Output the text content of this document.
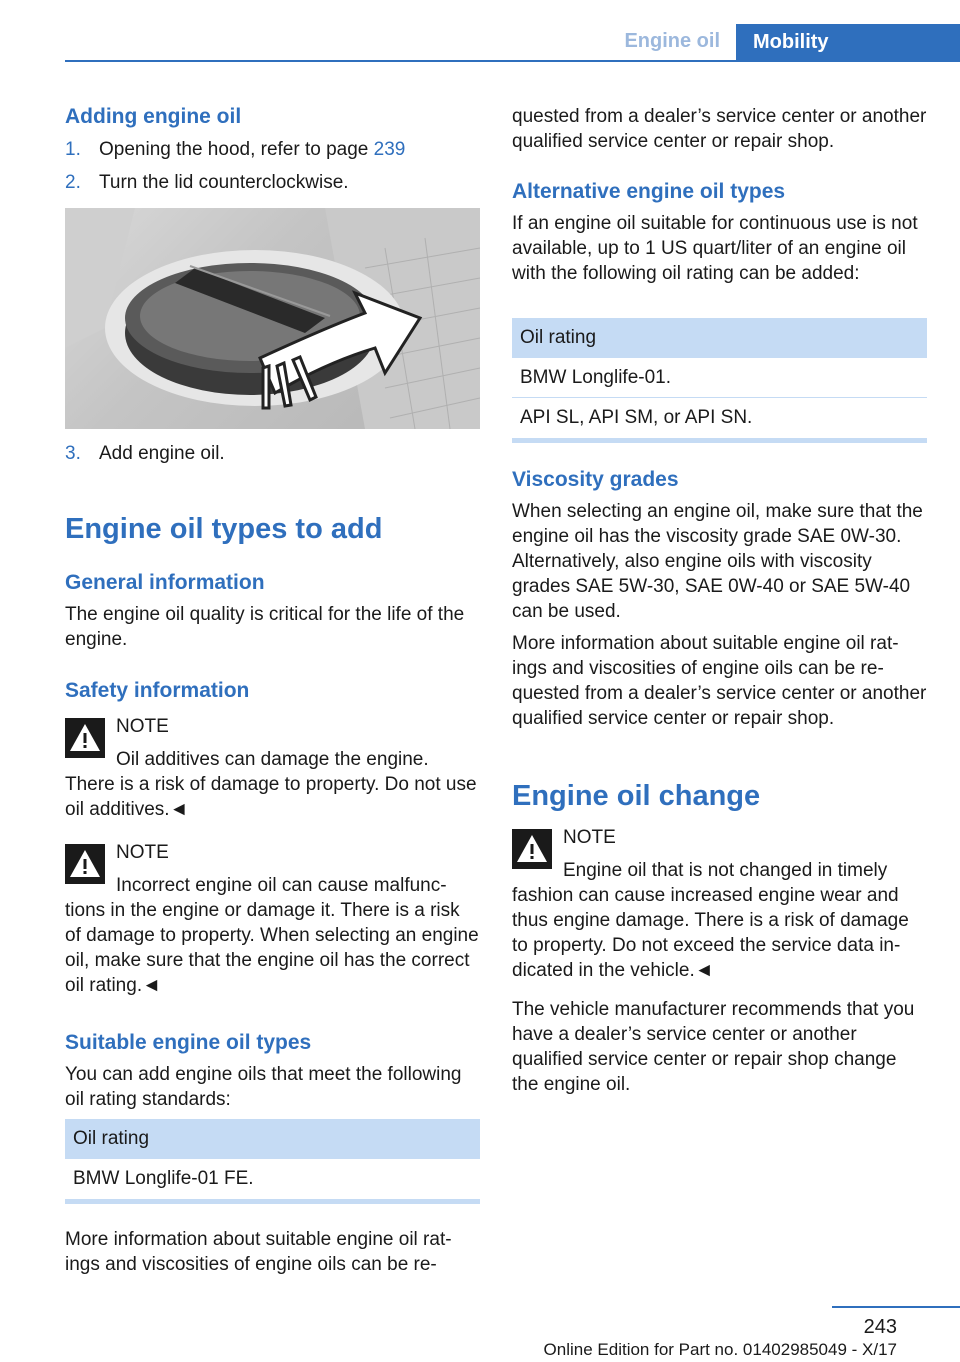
Engine oil	Mobility
Adding engine oil
1. Opening the hood, refer to page 239
2. Turn the lid counterclockwise.
3. Add engine oil.
Engine oil types to add
General information
The engine oil quality is critical for the life of the engine.
Safety information
NOTE
Oil additives can damage the engine.
There is a risk of damage to property. Do not use oil additives.◄
NOTE
Incorrect engine oil can cause malfunc-
tions in the engine or damage it. There is a risk of damage to property. When selecting an engine oil, make sure that the engine oil has the correct oil rating.◄
Suitable engine oil types
You can add engine oils that meet the following oil rating standards:
Oil rating
BMW Longlife-01 FE.
More information about suitable engine oil ratings and viscosities of engine oils can be re-
quested from a dealer’s service center or another qualified service center or repair shop.
Alternative engine oil types
If an engine oil suitable for continuous use is not available, up to 1 US quart/liter of an engine oil with the following oil rating can be added:
Oil rating
BMW Longlife-01.
API SL, API SM, or API SN.
Viscosity grades
When selecting an engine oil, make sure that the engine oil has the viscosity grade SAE 0W-30. Alternatively, also engine oils with viscosity grades SAE 5W-30, SAE 0W-40 or SAE 5W-40 can be used.
More information about suitable engine oil ratings and viscosities of engine oils can be requested from a dealer’s service center or another qualified service center or repair shop.
Engine oil change
NOTE
Engine oil that is not changed in timely
fashion can cause increased engine wear and thus engine damage. There is a risk of damage to property. Do not exceed the service data indicated in the vehicle.◄
The vehicle manufacturer recommends that you have a dealer’s service center or another qualified service center or repair shop change the engine oil.
243
Online Edition for Part no. 01402985049 - X/17
